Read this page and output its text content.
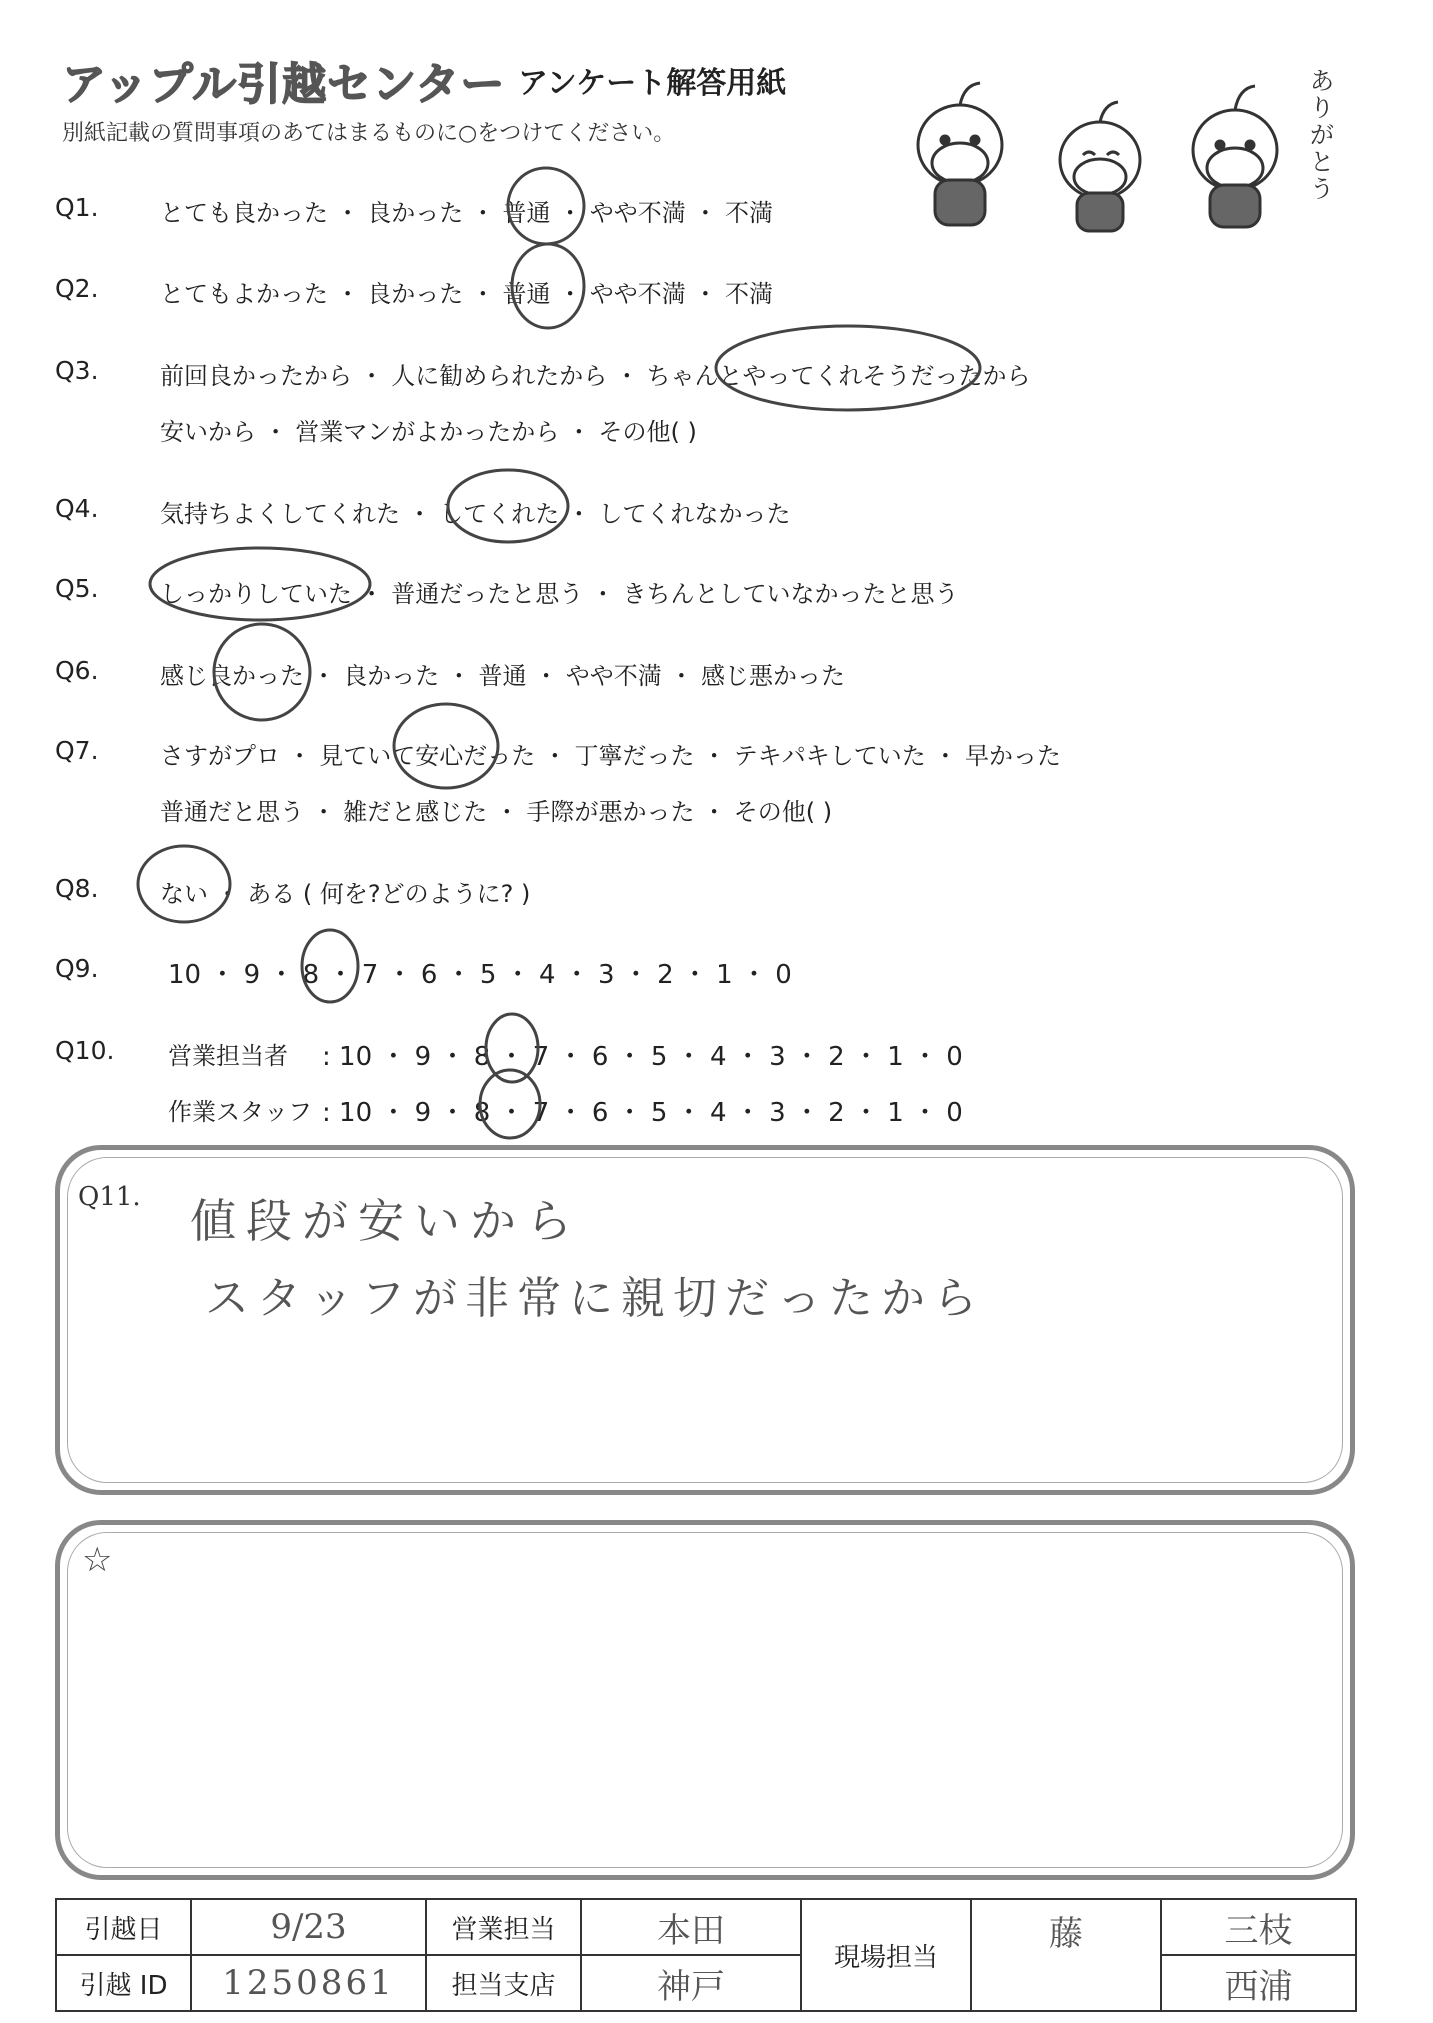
アップル引越センター アンケート解答用紙
別紙記載の質問事項のあてはまるものに○をつけてください。
ありがとう
Q1.	とても良かった ・ 良かった ・ 普通 ・ やや不満 ・ 不満
Q2.	とてもよかった ・ 良かった ・ 普通 ・ やや不満 ・ 不満
Q3.	前回良かったから ・ 人に勧められたから ・ ちゃんとやってくれそうだったから
安いから ・ 営業マンがよかったから ・ その他( )
Q4.	気持ちよくしてくれた ・ してくれた ・ してくれなかった
Q5.	しっかりしていた ・ 普通だったと思う ・ きちんとしていなかったと思う
Q6.	感じ良かった ・ 良かった ・ 普通 ・ やや不満 ・ 感じ悪かった
Q7.	さすがプロ ・ 見ていて安心だった ・ 丁寧だった ・ テキパキしていた ・ 早かった
普通だと思う ・ 雑だと感じた ・ 手際が悪かった ・ その他( )
Q8.	ない ・ ある ( 何を?どのように? )
Q9.	10 ・ 9 ・ 8 ・ 7 ・ 6 ・ 5 ・ 4 ・ 3 ・ 2 ・ 1 ・ 0
Q10. 営業担当者 : 10 ・ 9 ・ 8 ・ 7 ・ 6 ・ 5 ・ 4 ・ 3 ・ 2 ・ 1 ・ 0
作業スタッフ : 10 ・ 9 ・ 8 ・ 7 ・ 6 ・ 5 ・ 4 ・ 3 ・ 2 ・ 1 ・ 0
Q11. 値段が安いから
スタッフが非常に親切だったから
☆
引越日	9/23	営業担当	本田	現場担当	藤	三枝
引越 ID	1250861	担当支店	神戸			西浦
